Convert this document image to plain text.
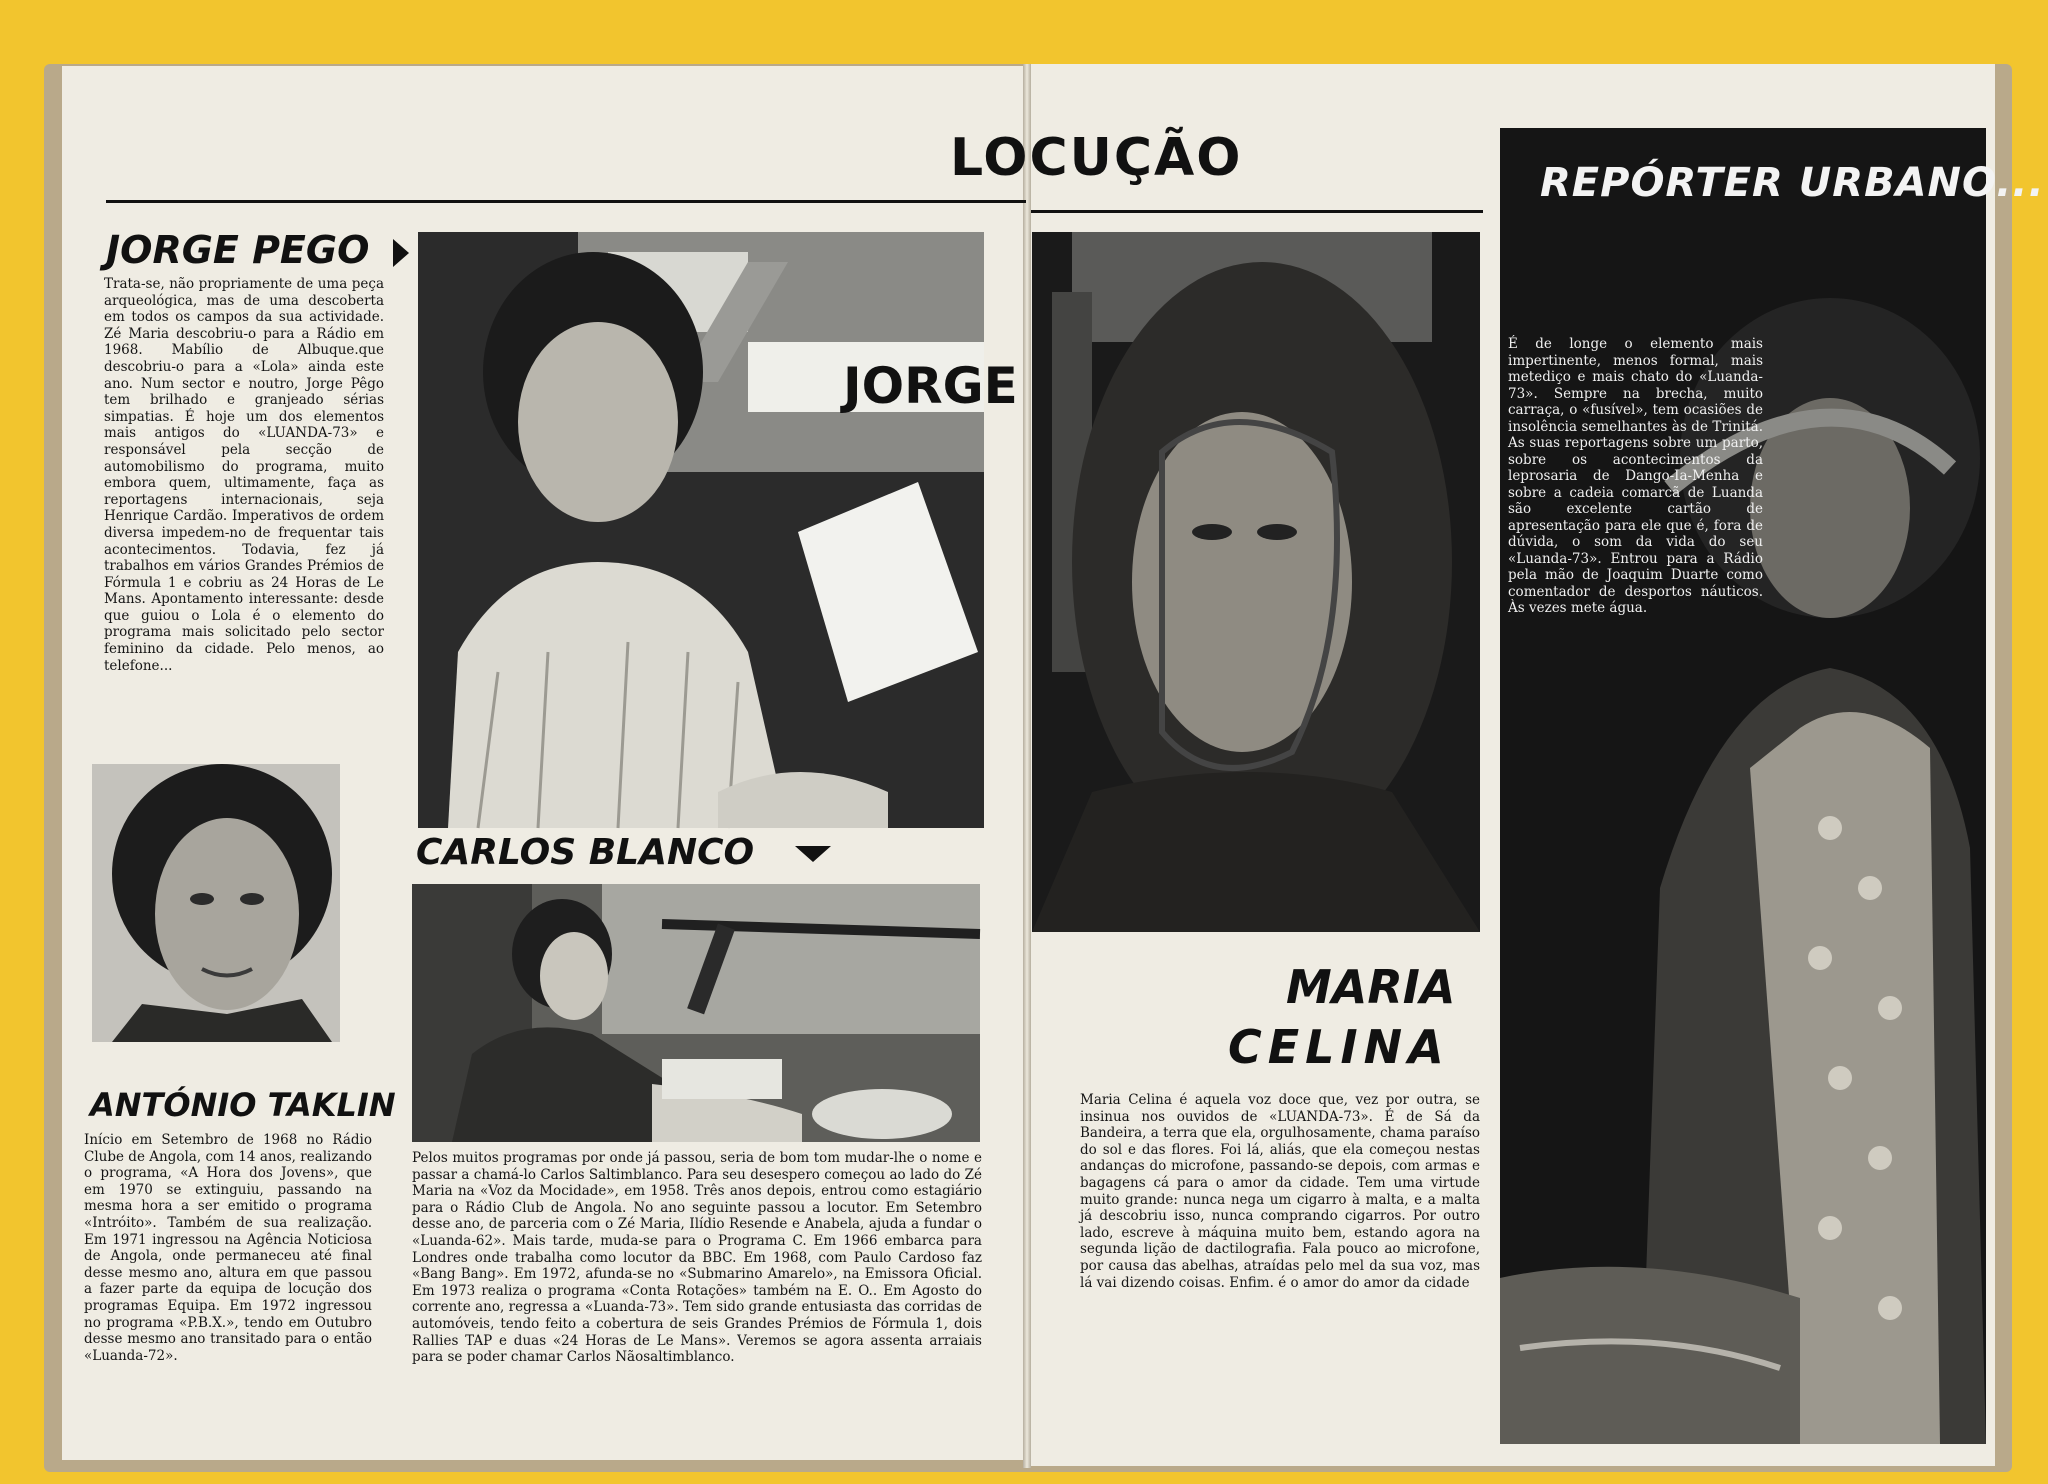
LOCUÇÃO
JORGE PEGO

Trata-se, não propriamente de uma peça arqueológica, mas de uma descoberta em todos os campos da sua actividade. Zé Maria descobriu-o para a Rádio em 1968. Mabílio de Albuque.que descobriu-o para a «Lola» ainda este ano. Num sector e noutro, Jorge Pêgo tem brilhado e granjeado sérias simpatias. É hoje um dos elementos mais antigos do «LUANDA-73» e responsável pela secção de automobilismo do programa, muito embora quem, ultimamente, faça as reportagens internacionais, seja Henrique Cardão. Imperativos de ordem diversa impedem-no de frequentar tais acontecimentos. Todavia, fez já trabalhos em vários Grandes Prémios de Fórmula 1 e cobriu as 24 Horas de Le Mans. Apontamento interessante: desde que guiou o Lola é o elemento do programa mais solicitado pelo sector feminino da cidade. Pelo menos, ao telefone...

JORGE
CARLOS BLANCO

Pelos muitos programas por onde já passou, seria de bom tom mudar-lhe o nome e passar a chamá-lo Carlos Saltimblanco. Para seu desespero começou ao lado do Zé Maria na «Voz da Mocidade», em 1958. Três anos depois, entrou como estagiário para o Rádio Club de Angola. No ano seguinte passou a locutor. Em Setembro desse ano, de parceria com o Zé Maria, Ilídio Resende e Anabela, ajuda a fundar o «Luanda-62». Mais tarde, muda-se para o Programa C. Em 1966 embarca para Londres onde trabalha como locutor da BBC. Em 1968, com Paulo Cardoso faz «Bang Bang». Em 1972, afunda-se no «Submarino Amarelo», na Emissora Oficial. Em 1973 realiza o programa «Conta Rotações» também na E. O.. Em Agosto do corrente ano, regressa a «Luanda-73». Tem sido grande entusiasta das corridas de automóveis, tendo feito a cobertura de seis Grandes Prémios de Fórmula 1, dois Rallies TAP e duas «24 Horas de Le Mans». Veremos se agora assenta arraiais para se poder chamar Carlos Nãosaltimblanco.

ANTÓNIO TAKLIN

Início em Setembro de 1968 no Rádio Clube de Angola, com 14 anos, realizando o programa, «A Hora dos Jovens», que em 1970 se extinguiu, passando na mesma hora a ser emitido o programa «Intróito». Também de sua realização. Em 1971 ingressou na Agência Noticiosa de Angola, onde permaneceu até final desse mesmo ano, altura em que passou a fazer parte da equipa de locução dos programas Equipa. Em 1972 ingressou no programa «P.B.X.», tendo em Outubro desse mesmo ano transitado para o então «Luanda-72».

MARIA
CELINA

Maria Celina é aquela voz doce que, vez por outra, se insinua nos ouvidos de «LUANDA-73». É de Sá da Bandeira, a terra que ela, orgulhosamente, chama paraíso do sol e das flores. Foi lá, aliás, que ela começou nestas andanças do microfone, passando-se depois, com armas e bagagens cá para o amor da cidade. Tem uma virtude muito grande: nunca nega um cigarro à malta, e a malta já descobriu isso, nunca comprando cigarros. Por outro lado, escreve à máquina muito bem, estando agora na segunda lição de dactilografia. Fala pouco ao microfone, por causa das abelhas, atraídas pelo mel da sua voz, mas lá vai dizendo coisas. Enfim. é o amor do amor da cidade

REPÓRTER URBANO...

É de longe o elemento mais impertinente, menos formal, mais metediço e mais chato do «Luanda-73». Sempre na brecha, muito carraça, o «fusível», tem ocasiões de insolência semelhantes às de Trinitá. As suas reportagens sobre um parto, sobre os acontecimentos da leprosaria de Dango-Ia-Menha e sobre a cadeia comarcã de Luanda são excelente cartão de apresentação para ele que é, fora de dúvida, o som da vida do seu «Luanda-73». Entrou para a Rádio pela mão de Joaquim Duarte como comentador de desportos náuticos. Às vezes mete água.
